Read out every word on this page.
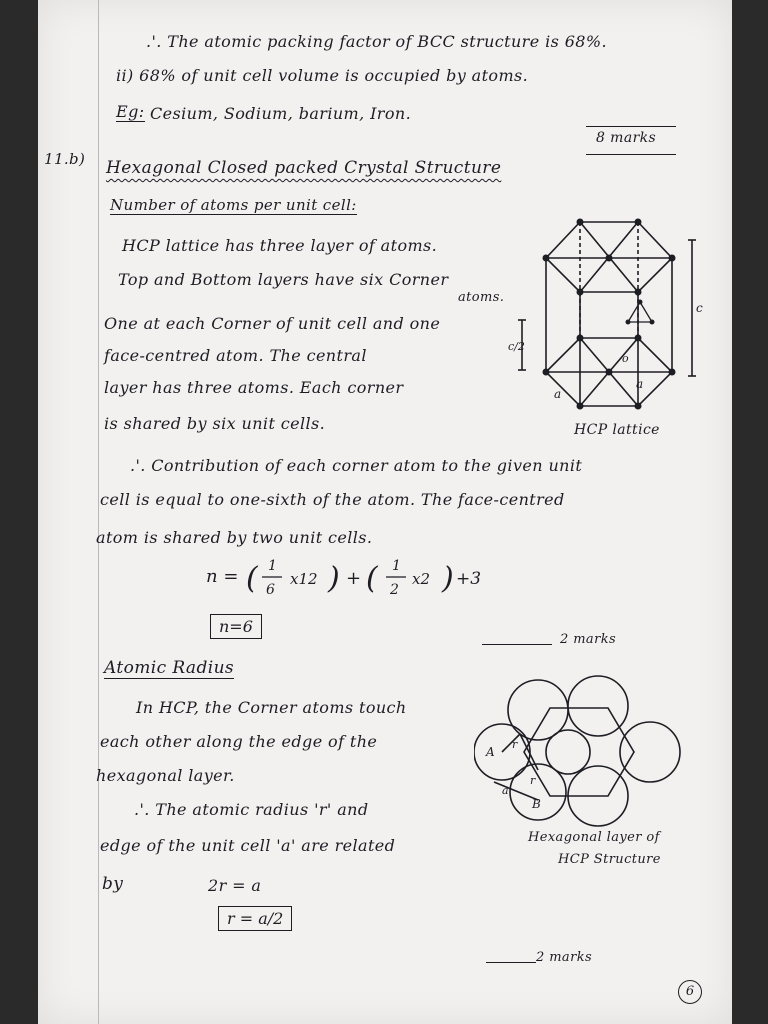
.'. The atomic packing factor of BCC structure is 68%.
ii) 68% of unit cell volume is occupied by atoms.
Eg: Cesium, Sodium, barium, Iron.
8 marks
11.b) Hexagonal Closed packed Crystal Structure
Number of atoms per unit cell:
HCP lattice has three layer of atoms.
Top and Bottom layers have six Corner
atoms.
One at each Corner of unit cell and one
face-centred atom. The central
layer has three atoms. Each corner
is shared by six unit cells.
c
c/2
o
a
a
HCP lattice
.'. Contribution of each corner atom to the given unit
cell is equal to one-sixth of the atom. The face-centred
atom is shared by two unit cells.
n = ( 1
6
x12 ) + ( 1
2
x2 ) +3
n=6
2 marks
Atomic Radius
In HCP, the Corner atoms touch
each other along the edge of the
hexagonal layer.
.'. The atomic radius 'r' and
edge of the unit cell 'a' are related
by	2r = a
r = a/2
A
r
r
a
B
Hexagonal layer of
HCP Structure
2 marks
6
